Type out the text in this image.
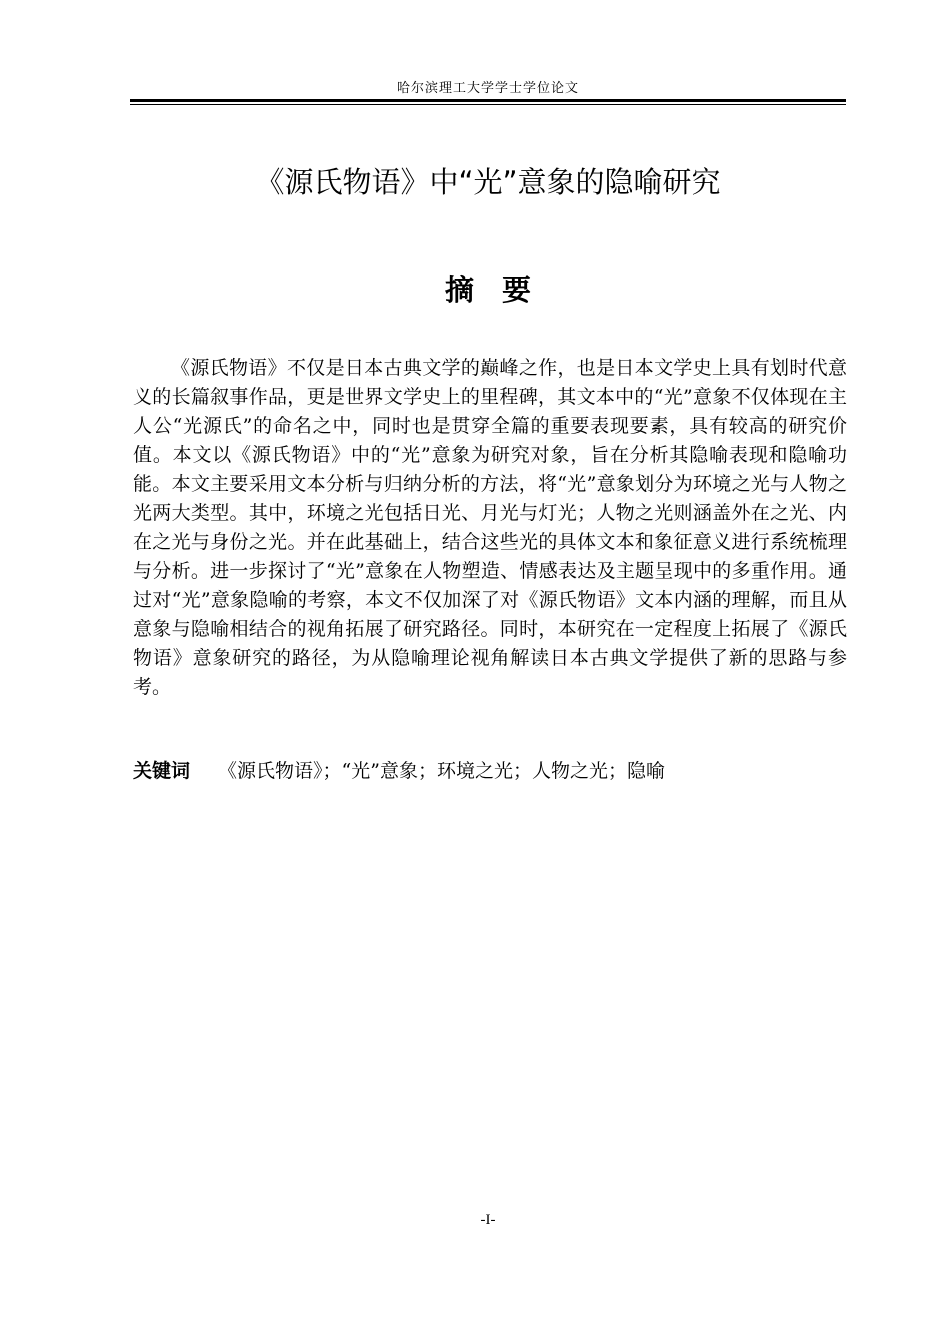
哈尔滨理工大学学士学位论文
《源氏物语》中“光”意象的隐喻研究
摘要

《源氏物语》不仅是日本古典文学的巅峰之作，也是日本文学史上具有划时代意义的长篇叙事作品，更是世界文学史上的里程碑，其文本中的“光”意象不仅体现在主人公“光源氏”的命名之中，同时也是贯穿全篇的重要表现要素，具有较高的研究价值。本文以《源氏物语》中的“光”意象为研究对象，旨在分析其隐喻表现和隐喻功能。本文主要采用文本分析与归纳分析的方法，将“光”意象划分为环境之光与人物之光两大类型。其中，环境之光包括日光、月光与灯光；人物之光则涵盖外在之光、内在之光与身份之光。并在此基础上，结合这些光的具体文本和象征意义进行系统梳理与分析。进一步探讨了“光”意象在人物塑造、情感表达及主题呈现中的多重作用。通过对“光”意象隐喻的考察，本文不仅加深了对《源氏物语》文本内涵的理解，而且从意象与隐喻相结合的视角拓展了研究路径。同时，本研究在一定程度上拓展了《源氏物语》意象研究的路径，为从隐喻理论视角解读日本古典文学提供了新的思路与参考。

关键词 《源氏物语》；“光”意象；环境之光；人物之光；隐喻
-I-
